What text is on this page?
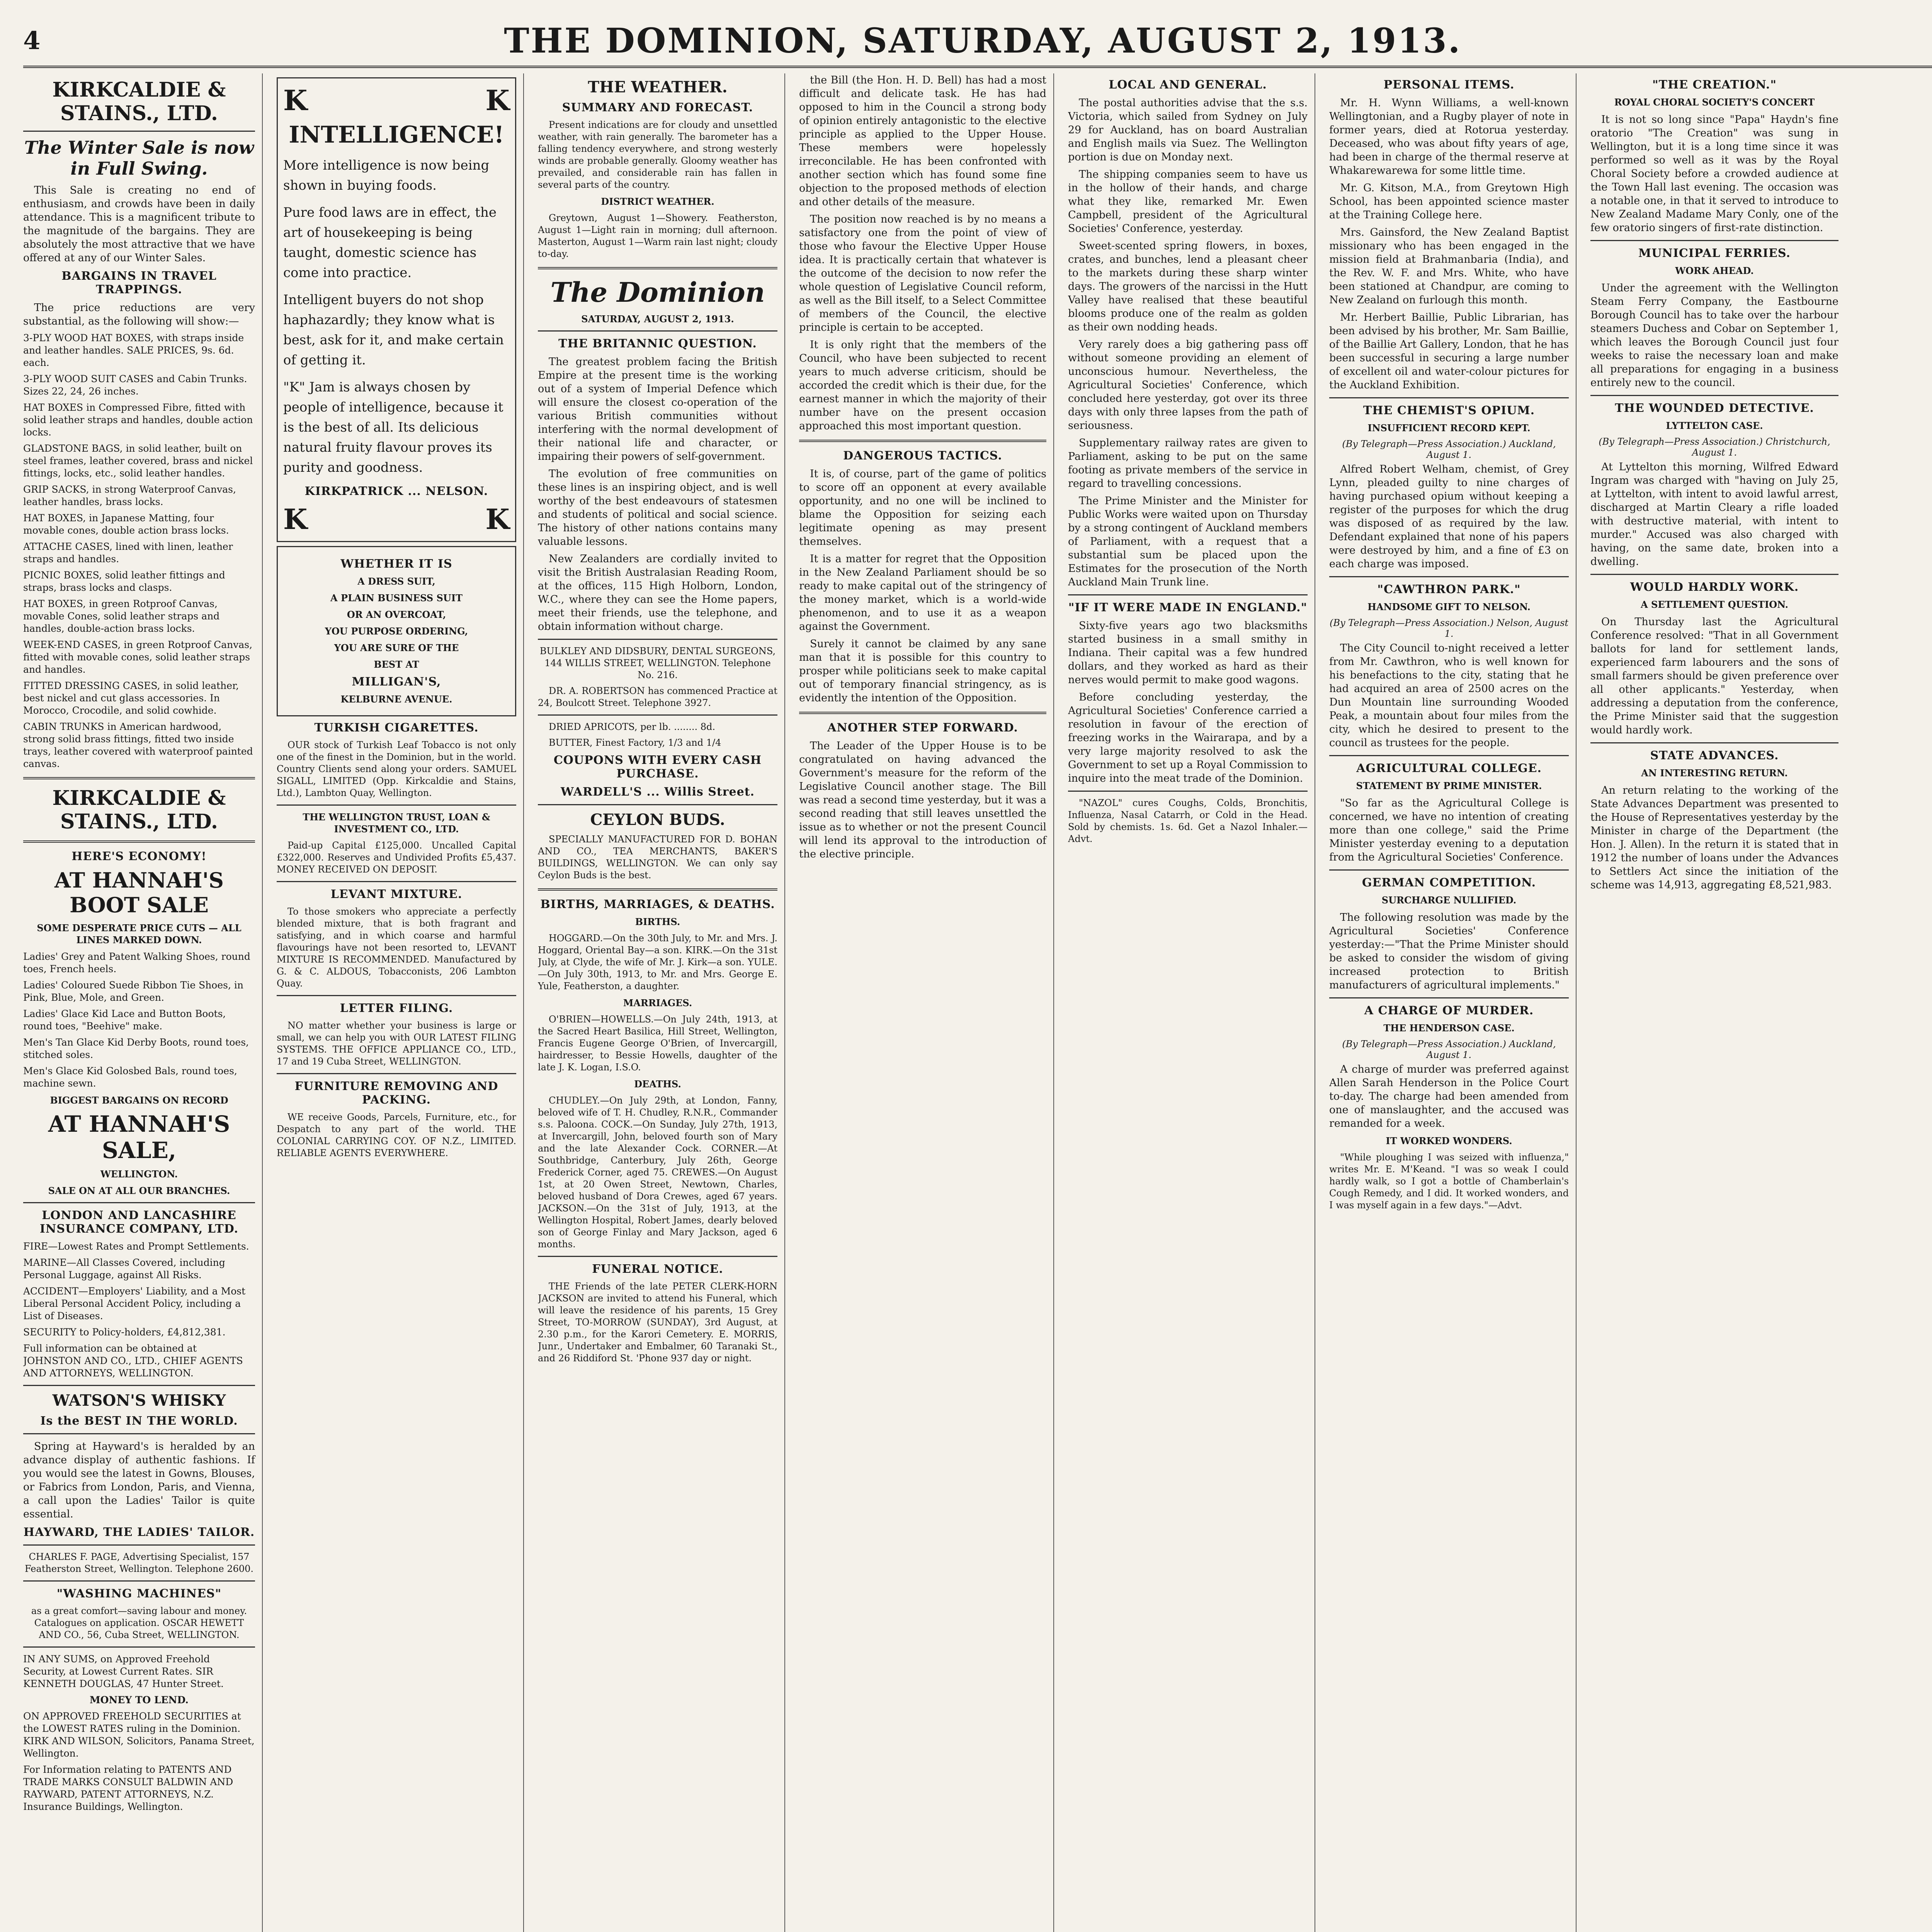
4	THE DOMINION, SATURDAY, AUGUST 2, 1913.
KIRKCALDIE & STAINS., LTD.
The Winter Sale is now in Full Swing.

This Sale is creating no end of enthusiasm, and crowds have been in daily attendance. This is a magnificent tribute to the magnitude of the bargains. They are absolutely the most attractive that we have offered at any of our Winter Sales.

BARGAINS IN TRAVEL TRAPPINGS.

The price reductions are very substantial, as the following will show:—

3-PLY WOOD HAT BOXES, with straps inside and leather handles. SALE PRICES, 9s. 6d. each.

3-PLY WOOD SUIT CASES and Cabin Trunks. Sizes 22, 24, 26 inches.

HAT BOXES in Compressed Fibre, fitted with solid leather straps and handles, double action locks.

GLADSTONE BAGS, in solid leather, built on steel frames, leather covered, brass and nickel fittings, locks, etc., solid leather handles.

GRIP SACKS, in strong Waterproof Canvas, leather handles, brass locks.

HAT BOXES, in Japanese Matting, four movable cones, double action brass locks.

ATTACHE CASES, lined with linen, leather straps and handles.

PICNIC BOXES, solid leather fittings and straps, brass locks and clasps.

HAT BOXES, in green Rotproof Canvas, movable Cones, solid leather straps and handles, double-action brass locks.

WEEK-END CASES, in green Rotproof Canvas, fitted with movable cones, solid leather straps and handles.

FITTED DRESSING CASES, in solid leather, best nickel and cut glass accessories. In Morocco, Crocodile, and solid cowhide.

CABIN TRUNKS in American hardwood, strong solid brass fittings, fitted two inside trays, leather covered with waterproof painted canvas.

KIRKCALDIE & STAINS., LTD.
HERE'S ECONOMY!
AT HANNAH'S BOOT SALE
SOME DESPERATE PRICE CUTS — ALL LINES MARKED DOWN.

Ladies' Grey and Patent Walking Shoes, round toes, French heels.

Ladies' Coloured Suede Ribbon Tie Shoes, in Pink, Blue, Mole, and Green.

Ladies' Glace Kid Lace and Button Boots, round toes, "Beehive" make.

Men's Tan Glace Kid Derby Boots, round toes, stitched soles.

Men's Glace Kid Golosbed Bals, round toes, machine sewn.

BIGGEST BARGAINS ON RECORD
AT HANNAH'S SALE,
WELLINGTON.
SALE ON AT ALL OUR BRANCHES.
LONDON AND LANCASHIRE INSURANCE COMPANY, LTD.

FIRE—Lowest Rates and Prompt Settlements.

MARINE—All Classes Covered, including Personal Luggage, against All Risks.

ACCIDENT—Employers' Liability, and a Most Liberal Personal Accident Policy, including a List of Diseases.

SECURITY to Policy-holders, £4,812,381.

Full information can be obtained at JOHNSTON AND CO., LTD., CHIEF AGENTS AND ATTORNEYS, WELLINGTON.

WATSON'S WHISKY
Is the BEST IN THE WORLD.

Spring at Hayward's is heralded by an advance display of authentic fashions. If you would see the latest in Gowns, Blouses, or Fabrics from London, Paris, and Vienna, a call upon the Ladies' Tailor is quite essential.

HAYWARD, THE LADIES' TAILOR.

CHARLES F. PAGE, Advertising Specialist, 157 Featherston Street, Wellington. Telephone 2600.

"WASHING MACHINES"

as a great comfort—saving labour and money. Catalogues on application. OSCAR HEWETT AND CO., 56, Cuba Street, WELLINGTON.

IN ANY SUMS, on Approved Freehold Security, at Lowest Current Rates. SIR KENNETH DOUGLAS, 47 Hunter Street.

MONEY TO LEND.

ON APPROVED FREEHOLD SECURITIES at the LOWEST RATES ruling in the Dominion. KIRK AND WILSON, Solicitors, Panama Street, Wellington.

For Information relating to PATENTS AND TRADE MARKS CONSULT BALDWIN AND RAYWARD, PATENT ATTORNEYS, N.Z. Insurance Buildings, Wellington.

K	K
INTELLIGENCE!

More intelligence is now being shown in buying foods.

Pure food laws are in effect, the art of housekeeping is being taught, domestic science has come into practice.

Intelligent buyers do not shop haphazardly; they know what is best, ask for it, and make certain of getting it.

"K" Jam is always chosen by people of intelligence, because it is the best of all. Its delicious natural fruity flavour proves its purity and goodness.

KIRKPATRICK ... NELSON.
K	K
WHETHER IT IS
A DRESS SUIT,
A PLAIN BUSINESS SUIT
OR AN OVERCOAT,
YOU PURPOSE ORDERING,
YOU ARE SURE OF THE
BEST AT
MILLIGAN'S,
KELBURNE AVENUE.
TURKISH CIGARETTES.

OUR stock of Turkish Leaf Tobacco is not only one of the finest in the Dominion, but in the world. Country Clients send along your orders. SAMUEL SIGALL, LIMITED (Opp. Kirkcaldie and Stains, Ltd.), Lambton Quay, Wellington.

THE WELLINGTON TRUST, LOAN & INVESTMENT CO., LTD.

Paid-up Capital £125,000. Uncalled Capital £322,000. Reserves and Undivided Profits £5,437. MONEY RECEIVED ON DEPOSIT.

LEVANT MIXTURE.

To those smokers who appreciate a perfectly blended mixture, that is both fragrant and satisfying, and in which coarse and harmful flavourings have not been resorted to, LEVANT MIXTURE IS RECOMMENDED. Manufactured by G. & C. ALDOUS, Tobacconists, 206 Lambton Quay.

LETTER FILING.

NO matter whether your business is large or small, we can help you with OUR LATEST FILING SYSTEMS. THE OFFICE APPLIANCE CO., LTD., 17 and 19 Cuba Street, WELLINGTON.

FURNITURE REMOVING AND PACKING.

WE receive Goods, Parcels, Furniture, etc., for Despatch to any part of the world. THE COLONIAL CARRYING COY. OF N.Z., LIMITED. RELIABLE AGENTS EVERYWHERE.

THE WEATHER.
SUMMARY AND FORECAST.

Present indications are for cloudy and unsettled weather, with rain generally. The barometer has a falling tendency everywhere, and strong westerly winds are probable generally. Gloomy weather has prevailed, and considerable rain has fallen in several parts of the country.

DISTRICT WEATHER.

Greytown, August 1—Showery. Featherston, August 1—Light rain in morning; dull afternoon. Masterton, August 1—Warm rain last night; cloudy to-day.

The Dominion
SATURDAY, AUGUST 2, 1913.
THE BRITANNIC QUESTION.

The greatest problem facing the British Empire at the present time is the working out of a system of Imperial Defence which will ensure the closest co-operation of the various British communities without interfering with the normal development of their national life and character, or impairing their powers of self-government.

The evolution of free communities on these lines is an inspiring object, and is well worthy of the best endeavours of statesmen and students of political and social science. The history of other nations contains many valuable lessons.

New Zealanders are cordially invited to visit the British Australasian Reading Room, at the offices, 115 High Holborn, London, W.C., where they can see the Home papers, meet their friends, use the telephone, and obtain information without charge.

BULKLEY AND DIDSBURY, DENTAL SURGEONS, 144 WILLIS STREET, WELLINGTON. Telephone No. 216.

DR. A. ROBERTSON has commenced Practice at 24, Boulcott Street. Telephone 3927.

DRIED APRICOTS, per lb. ........ 8d.

BUTTER, Finest Factory, 1/3 and 1/4

COUPONS WITH EVERY CASH PURCHASE.
WARDELL'S ... Willis Street.
CEYLON BUDS.

SPECIALLY MANUFACTURED FOR D. BOHAN AND CO., TEA MERCHANTS, BAKER'S BUILDINGS, WELLINGTON. We can only say Ceylon Buds is the best.

BIRTHS, MARRIAGES, & DEATHS.
BIRTHS.

HOGGARD.—On the 30th July, to Mr. and Mrs. J. Hoggard, Oriental Bay—a son. KIRK.—On the 31st July, at Clyde, the wife of Mr. J. Kirk—a son. YULE.—On July 30th, 1913, to Mr. and Mrs. George E. Yule, Featherston, a daughter.

MARRIAGES.

O'BRIEN—HOWELLS.—On July 24th, 1913, at the Sacred Heart Basilica, Hill Street, Wellington, Francis Eugene George O'Brien, of Invercargill, hairdresser, to Bessie Howells, daughter of the late J. K. Logan, I.S.O.

DEATHS.

CHUDLEY.—On July 29th, at London, Fanny, beloved wife of T. H. Chudley, R.N.R., Commander s.s. Paloona. COCK.—On Sunday, July 27th, 1913, at Invercargill, John, beloved fourth son of Mary and the late Alexander Cock. CORNER.—At Southbridge, Canterbury, July 26th, George Frederick Corner, aged 75. CREWES.—On August 1st, at 20 Owen Street, Newtown, Charles, beloved husband of Dora Crewes, aged 67 years. JACKSON.—On the 31st of July, 1913, at the Wellington Hospital, Robert James, dearly beloved son of George Finlay and Mary Jackson, aged 6 months.

FUNERAL NOTICE.

THE Friends of the late PETER CLERK-HORN JACKSON are invited to attend his Funeral, which will leave the residence of his parents, 15 Grey Street, TO-MORROW (SUNDAY), 3rd August, at 2.30 p.m., for the Karori Cemetery. E. MORRIS, Junr., Undertaker and Embalmer, 60 Taranaki St., and 26 Riddiford St. 'Phone 937 day or night.

the Bill (the Hon. H. D. Bell) has had a most difficult and delicate task. He has had opposed to him in the Council a strong body of opinion entirely antagonistic to the elective principle as applied to the Upper House. These members were hopelessly irreconcilable. He has been confronted with another section which has found some fine objection to the proposed methods of election and other details of the measure.

The position now reached is by no means a satisfactory one from the point of view of those who favour the Elective Upper House idea. It is practically certain that whatever is the outcome of the decision to now refer the whole question of Legislative Council reform, as well as the Bill itself, to a Select Committee of members of the Council, the elective principle is certain to be accepted.

It is only right that the members of the Council, who have been subjected to recent years to much adverse criticism, should be accorded the credit which is their due, for the earnest manner in which the majority of their number have on the present occasion approached this most important question.

DANGEROUS TACTICS.

It is, of course, part of the game of politics to score off an opponent at every available opportunity, and no one will be inclined to blame the Opposition for seizing each legitimate opening as may present themselves.

It is a matter for regret that the Opposition in the New Zealand Parliament should be so ready to make capital out of the stringency of the money market, which is a world-wide phenomenon, and to use it as a weapon against the Government.

Surely it cannot be claimed by any sane man that it is possible for this country to prosper while politicians seek to make capital out of temporary financial stringency, as is evidently the intention of the Opposition.

ANOTHER STEP FORWARD.

The Leader of the Upper House is to be congratulated on having advanced the Government's measure for the reform of the Legislative Council another stage. The Bill was read a second time yesterday, but it was a second reading that still leaves unsettled the issue as to whether or not the present Council will lend its approval to the introduction of the elective principle.

LOCAL AND GENERAL.

The postal authorities advise that the s.s. Victoria, which sailed from Sydney on July 29 for Auckland, has on board Australian and English mails via Suez. The Wellington portion is due on Monday next.

The shipping companies seem to have us in the hollow of their hands, and charge what they like, remarked Mr. Ewen Campbell, president of the Agricultural Societies' Conference, yesterday.

Sweet-scented spring flowers, in boxes, crates, and bunches, lend a pleasant cheer to the markets during these sharp winter days. The growers of the narcissi in the Hutt Valley have realised that these beautiful blooms produce one of the realm as golden as their own nodding heads.

Very rarely does a big gathering pass off without someone providing an element of unconscious humour. Nevertheless, the Agricultural Societies' Conference, which concluded here yesterday, got over its three days with only three lapses from the path of seriousness.

Supplementary railway rates are given to Parliament, asking to be put on the same footing as private members of the service in regard to travelling concessions.

The Prime Minister and the Minister for Public Works were waited upon on Thursday by a strong contingent of Auckland members of Parliament, with a request that a substantial sum be placed upon the Estimates for the prosecution of the North Auckland Main Trunk line.

"IF IT WERE MADE IN ENGLAND."

Sixty-five years ago two blacksmiths started business in a small smithy in Indiana. Their capital was a few hundred dollars, and they worked as hard as their nerves would permit to make good wagons.

Before concluding yesterday, the Agricultural Societies' Conference carried a resolution in favour of the erection of freezing works in the Wairarapa, and by a very large majority resolved to ask the Government to set up a Royal Commission to inquire into the meat trade of the Dominion.

"NAZOL" cures Coughs, Colds, Bronchitis, Influenza, Nasal Catarrh, or Cold in the Head. Sold by chemists. 1s. 6d. Get a Nazol Inhaler.—Advt.

PERSONAL ITEMS.

Mr. H. Wynn Williams, a well-known Wellingtonian, and a Rugby player of note in former years, died at Rotorua yesterday. Deceased, who was about fifty years of age, had been in charge of the thermal reserve at Whakarewarewa for some little time.

Mr. G. Kitson, M.A., from Greytown High School, has been appointed science master at the Training College here.

Mrs. Gainsford, the New Zealand Baptist missionary who has been engaged in the mission field at Brahmanbaria (India), and the Rev. W. F. and Mrs. White, who have been stationed at Chandpur, are coming to New Zealand on furlough this month.

Mr. Herbert Baillie, Public Librarian, has been advised by his brother, Mr. Sam Baillie, of the Baillie Art Gallery, London, that he has been successful in securing a large number of excellent oil and water-colour pictures for the Auckland Exhibition.

THE CHEMIST'S OPIUM.
INSUFFICIENT RECORD KEPT.
(By Telegraph—Press Association.) Auckland, August 1.

Alfred Robert Welham, chemist, of Grey Lynn, pleaded guilty to nine charges of having purchased opium without keeping a register of the purposes for which the drug was disposed of as required by the law. Defendant explained that none of his papers were destroyed by him, and a fine of £3 on each charge was imposed.

"CAWTHRON PARK."
HANDSOME GIFT TO NELSON.
(By Telegraph—Press Association.) Nelson, August 1.

The City Council to-night received a letter from Mr. Cawthron, who is well known for his benefactions to the city, stating that he had acquired an area of 2500 acres on the Dun Mountain line surrounding Wooded Peak, a mountain about four miles from the city, which he desired to present to the council as trustees for the people.

AGRICULTURAL COLLEGE.
STATEMENT BY PRIME MINISTER.

"So far as the Agricultural College is concerned, we have no intention of creating more than one college," said the Prime Minister yesterday evening to a deputation from the Agricultural Societies' Conference.

GERMAN COMPETITION.
SURCHARGE NULLIFIED.

The following resolution was made by the Agricultural Societies' Conference yesterday:—"That the Prime Minister should be asked to consider the wisdom of giving increased protection to British manufacturers of agricultural implements."

A CHARGE OF MURDER.
THE HENDERSON CASE.
(By Telegraph—Press Association.) Auckland, August 1.

A charge of murder was preferred against Allen Sarah Henderson in the Police Court to-day. The charge had been amended from one of manslaughter, and the accused was remanded for a week.

IT WORKED WONDERS.

"While ploughing I was seized with influenza," writes Mr. E. M'Keand. "I was so weak I could hardly walk, so I got a bottle of Chamberlain's Cough Remedy, and I did. It worked wonders, and I was myself again in a few days."—Advt.

"THE CREATION."
ROYAL CHORAL SOCIETY'S CONCERT

It is not so long since "Papa" Haydn's fine oratorio "The Creation" was sung in Wellington, but it is a long time since it was performed so well as it was by the Royal Choral Society before a crowded audience at the Town Hall last evening. The occasion was a notable one, in that it served to introduce to New Zealand Madame Mary Conly, one of the few oratorio singers of first-rate distinction.

MUNICIPAL FERRIES.
WORK AHEAD.

Under the agreement with the Wellington Steam Ferry Company, the Eastbourne Borough Council has to take over the harbour steamers Duchess and Cobar on September 1, which leaves the Borough Council just four weeks to raise the necessary loan and make all preparations for engaging in a business entirely new to the council.

THE WOUNDED DETECTIVE.
LYTTELTON CASE.
(By Telegraph—Press Association.) Christchurch, August 1.

At Lyttelton this morning, Wilfred Edward Ingram was charged with "having on July 25, at Lyttelton, with intent to avoid lawful arrest, discharged at Martin Cleary a rifle loaded with destructive material, with intent to murder." Accused was also charged with having, on the same date, broken into a dwelling.

WOULD HARDLY WORK.
A SETTLEMENT QUESTION.

On Thursday last the Agricultural Conference resolved: "That in all Government ballots for land for settlement lands, experienced farm labourers and the sons of small farmers should be given preference over all other applicants." Yesterday, when addressing a deputation from the conference, the Prime Minister said that the suggestion would hardly work.

STATE ADVANCES.
AN INTERESTING RETURN.

An return relating to the working of the State Advances Department was presented to the House of Representatives yesterday by the Minister in charge of the Department (the Hon. J. Allen). In the return it is stated that in 1912 the number of loans under the Advances to Settlers Act since the initiation of the scheme was 14,913, aggregating £8,521,983.
